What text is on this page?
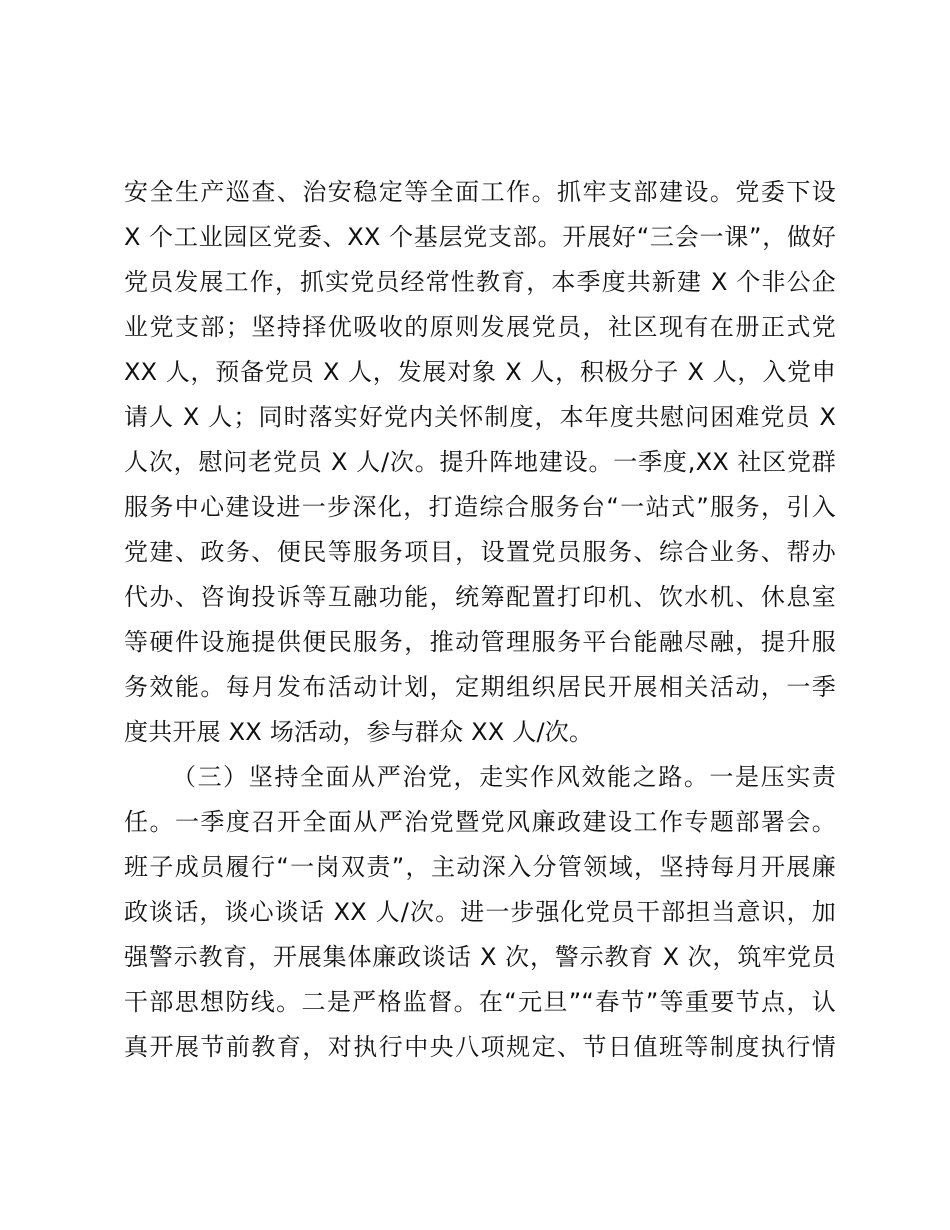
安全生产巡查、治安稳定等全面工作。抓牢支部建设。党委下设
X 个工业园区党委、XX 个基层党支部。开展好“三会一课”，做好
党员发展工作，抓实党员经常性教育，本季度共新建 X 个非公企
业党支部；坚持择优吸收的原则发展党员，社区现有在册正式党
XX 人，预备党员 X 人，发展对象 X 人，积极分子 X 人，入党申
请人 X 人；同时落实好党内关怀制度，本年度共慰问困难党员 X
人次，慰问老党员 X 人/次。提升阵地建设。一季度,XX 社区党群
服务中心建设进一步深化，打造综合服务台“一站式”服务，引入
党建、政务、便民等服务项目，设置党员服务、综合业务、帮办
代办、咨询投诉等互融功能，统筹配置打印机、饮水机、休息室
等硬件设施提供便民服务，推动管理服务平台能融尽融，提升服
务效能。每月发布活动计划，定期组织居民开展相关活动，一季
度共开展 XX 场活动，参与群众 XX 人/次。
（三）坚持全面从严治党，走实作风效能之路。一是压实责
任。一季度召开全面从严治党暨党风廉政建设工作专题部署会。
班子成员履行“一岗双责”，主动深入分管领域，坚持每月开展廉
政谈话，谈心谈话 XX 人/次。进一步强化党员干部担当意识，加
强警示教育，开展集体廉政谈话 X 次，警示教育 X 次，筑牢党员
干部思想防线。二是严格监督。在“元旦”“春节”等重要节点，认
真开展节前教育，对执行中央八项规定、节日值班等制度执行情
